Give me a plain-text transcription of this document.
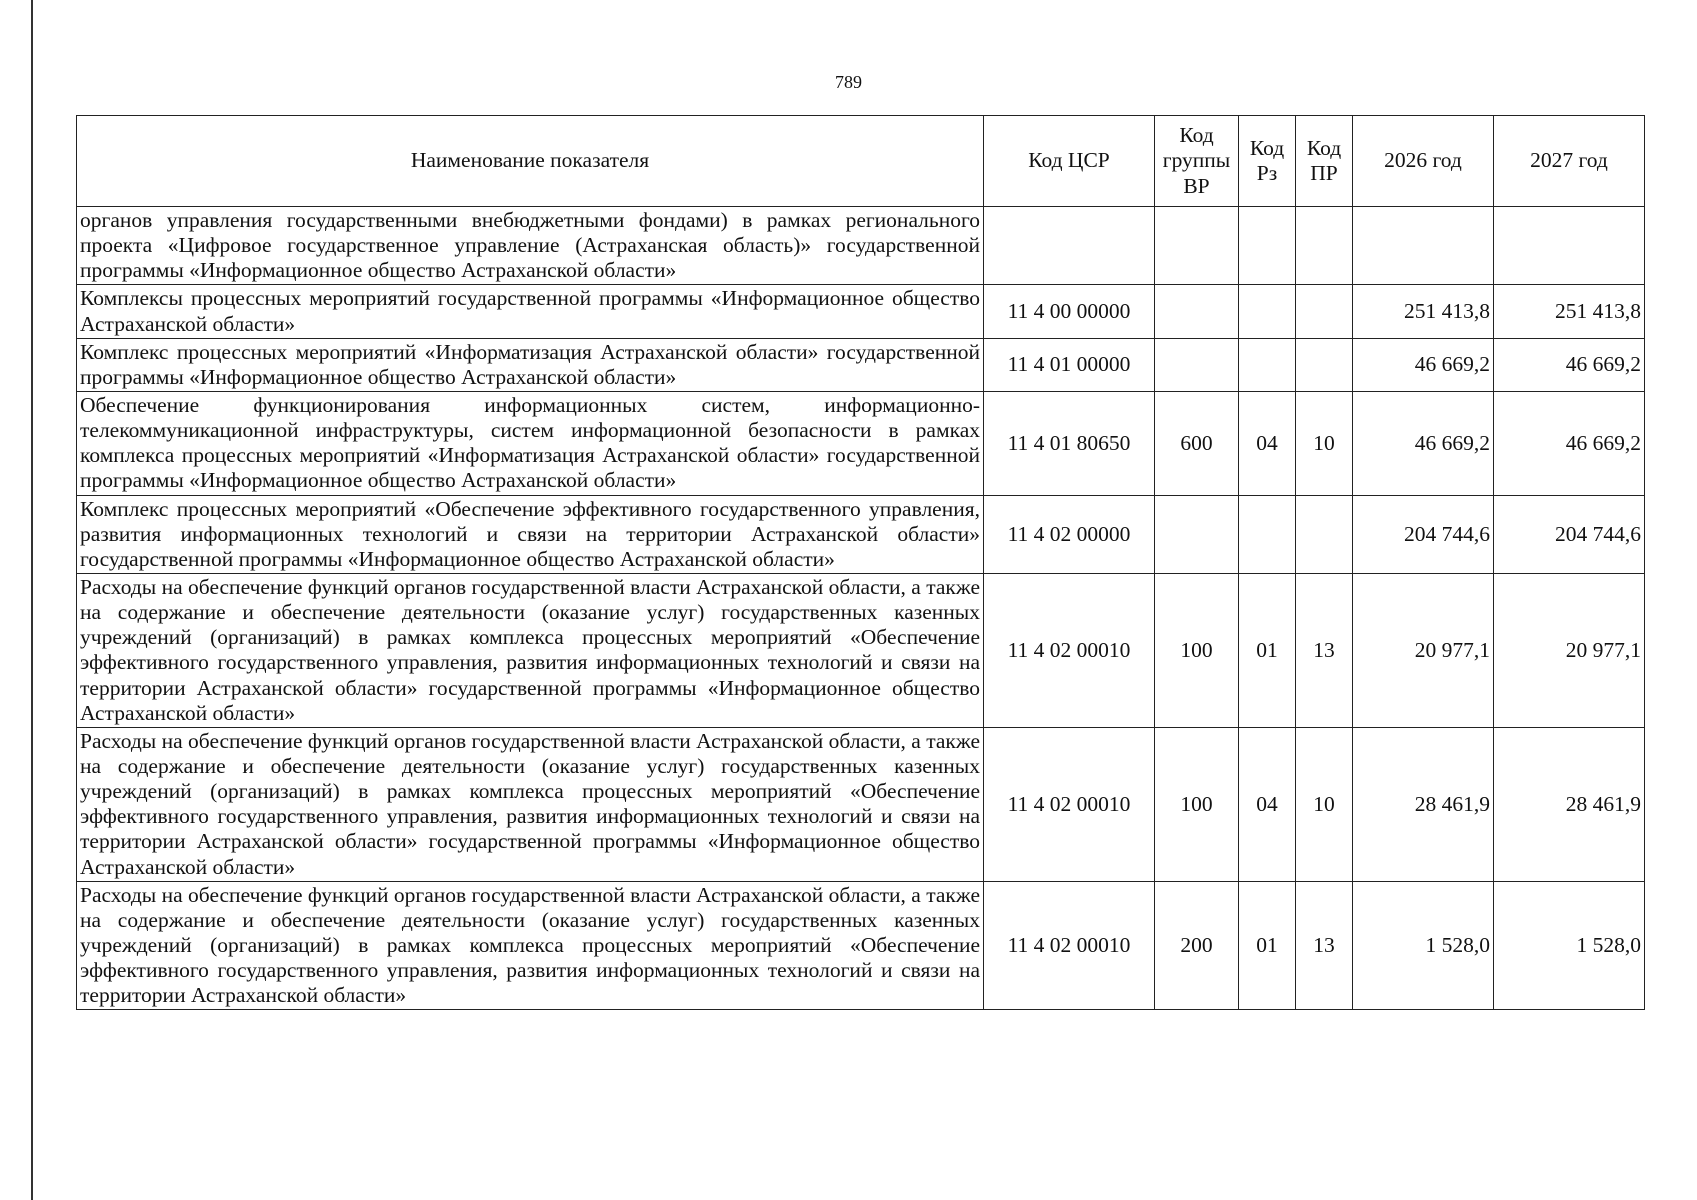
789
Наименование показателя	Код ЦСР	Код группы ВР	Код Рз	Код ПР	2026 год	2027 год
органов управления государственными внебюджетными фондами) в рамках регионального проекта «Цифровое государственное управление (Астраханская область)» государственной программы «Информационное общество Астраханской области»						
Комплексы процессных мероприятий государственной программы «Информационное общество Астраханской области»	11 4 00 00000				251 413,8	251 413,8
Комплекс процессных мероприятий «Информатизация Астраханской области» государственной программы «Информационное общество Астраханской области»	11 4 01 00000				46 669,2	46 669,2
Обеспечение функционирования информационных систем, информационно-телекоммуникационной инфраструктуры, систем информационной безопасности в рамках комплекса процессных мероприятий «Информатизация Астраханской области» государственной программы «Информационное общество Астраханской области»	11 4 01 80650	600	04	10	46 669,2	46 669,2
Комплекс процессных мероприятий «Обеспечение эффективного государственного управления, развития информационных технологий и связи на территории Астраханской области» государственной программы «Информационное общество Астраханской области»	11 4 02 00000				204 744,6	204 744,6
Расходы на обеспечение функций органов государственной власти Астраханской области, а также на содержание и обеспечение деятельности (оказание услуг) государственных казенных учреждений (организаций) в рамках комплекса процессных мероприятий «Обеспечение эффективного государственного управления, развития информационных технологий и связи на территории Астраханской области» государственной программы «Информационное общество Астраханской области»	11 4 02 00010	100	01	13	20 977,1	20 977,1
Расходы на обеспечение функций органов государственной власти Астраханской области, а также на содержание и обеспечение деятельности (оказание услуг) государственных казенных учреждений (организаций) в рамках комплекса процессных мероприятий «Обеспечение эффективного государственного управления, развития информационных технологий и связи на территории Астраханской области» государственной программы «Информационное общество Астраханской области»	11 4 02 00010	100	04	10	28 461,9	28 461,9
Расходы на обеспечение функций органов государственной власти Астраханской области, а также на содержание и обеспечение деятельности (оказание услуг) государственных казенных учреждений (организаций) в рамках комплекса процессных мероприятий «Обеспечение эффективного государственного управления, развития информационных технологий и связи на территории Астраханской области»	11 4 02 00010	200	01	13	1 528,0	1 528,0
